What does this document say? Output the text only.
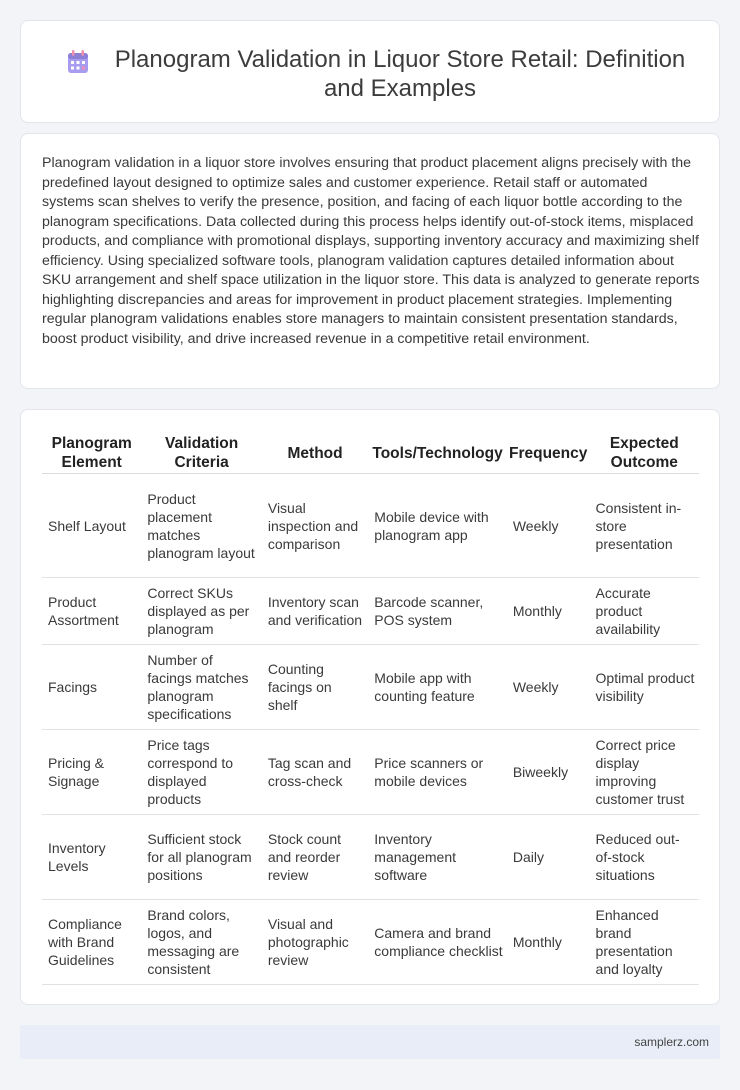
Planogram Validation in Liquor Store Retail: Definition and Examples

Planogram validation in a liquor store involves ensuring that product placement aligns precisely with the predefined layout designed to optimize sales and customer experience. Retail staff or automated systems scan shelves to verify the presence, position, and facing of each liquor bottle according to the planogram specifications. Data collected during this process helps identify out-of-stock items, misplaced products, and compliance with promotional displays, supporting inventory accuracy and maximizing shelf efficiency. Using specialized software tools, planogram validation captures detailed information about SKU arrangement and shelf space utilization in the liquor store. This data is analyzed to generate reports highlighting discrepancies and areas for improvement in product placement strategies. Implementing regular planogram validations enables store managers to maintain consistent presentation standards, boost product visibility, and drive increased revenue in a competitive retail environment.

Planogram Element	Validation Criteria	Method	Tools/Technology	Frequency	Expected Outcome
Shelf Layout	Product placement matches planogram layout	Visual inspection and comparison	Mobile device with planogram app	Weekly	Consistent in-store presentation
Product Assortment	Correct SKUs displayed as per planogram	Inventory scan and verification	Barcode scanner, POS system	Monthly	Accurate product availability
Facings	Number of facings matches planogram specifications	Counting facings on shelf	Mobile app with counting feature	Weekly	Optimal product visibility
Pricing & Signage	Price tags correspond to displayed products	Tag scan and cross-check	Price scanners or mobile devices	Biweekly	Correct price display improving customer trust
Inventory Levels	Sufficient stock for all planogram positions	Stock count and reorder review	Inventory management software	Daily	Reduced out-of-stock situations
Compliance with Brand Guidelines	Brand colors, logos, and messaging are consistent	Visual and photographic review	Camera and brand compliance checklist	Monthly	Enhanced brand presentation and loyalty
samplerz.com
